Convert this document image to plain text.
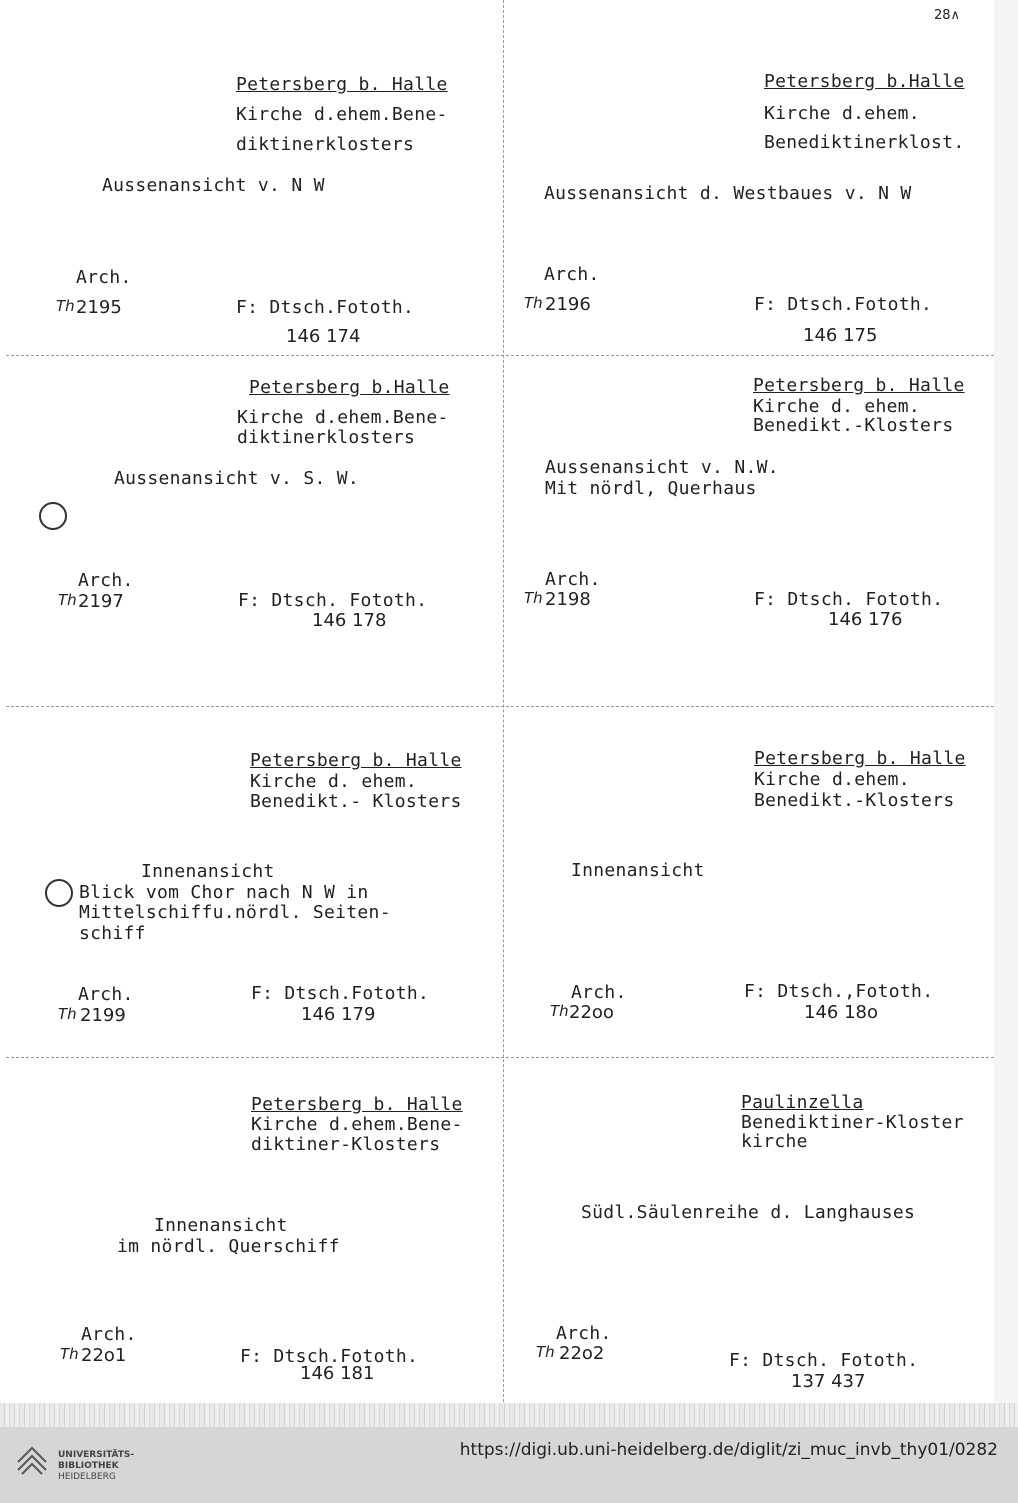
28∧
Petersberg b. Halle
Kirche d.ehem.Bene-
diktinerklosters
Aussenansicht v. N W
Arch.
Th 2195	F: Dtsch.Fototh.
146 174
Petersberg b.Halle
Kirche d.ehem.
Benediktinerklost.
Aussenansicht d. Westbaues v. N W
Arch.
Th 2196	F: Dtsch.Fototh.
146 175
Petersberg b.Halle
Kirche d.ehem.Bene-
diktinerklosters
Aussenansicht v. S. W.
Arch.
Th 2197	F: Dtsch. Fototh.
146 178
Petersberg b. Halle
Kirche d. ehem.
Benedikt.-Klosters
Aussenansicht v. N.W.
Mit nördl, Querhaus
Arch.
Th 2198	F: Dtsch. Fototh.
146 176
Petersberg b. Halle
Kirche d. ehem.
Benedikt.- Klosters
Innenansicht
Blick vom Chor nach N W in
Mittelschiffu.nördl. Seiten-
schiff
Arch.
Th 2199
F: Dtsch.Fototh.
146 179
Petersberg b. Halle
Kirche d.ehem.
Benedikt.-Klosters
Innenansicht
Arch.
Th 22oo
F: Dtsch.,Fototh.
146 18o
Petersberg b. Halle
Kirche d.ehem.Bene-
diktiner-Klosters
Innenansicht
im nördl. Querschiff
Arch.
Th 22o1	F: Dtsch.Fototh.
146 181
Paulinzella
Benediktiner-Kloster
kirche
Südl.Säulenreihe d. Langhauses
Arch.
Th 22o2	F: Dtsch. Fototh.
137 437
UNIVERSITÄTS-
BIBLIOTHEK
HEIDELBERG
https://digi.ub.uni-heidelberg.de/diglit/zi_muc_invb_thy01/0282
